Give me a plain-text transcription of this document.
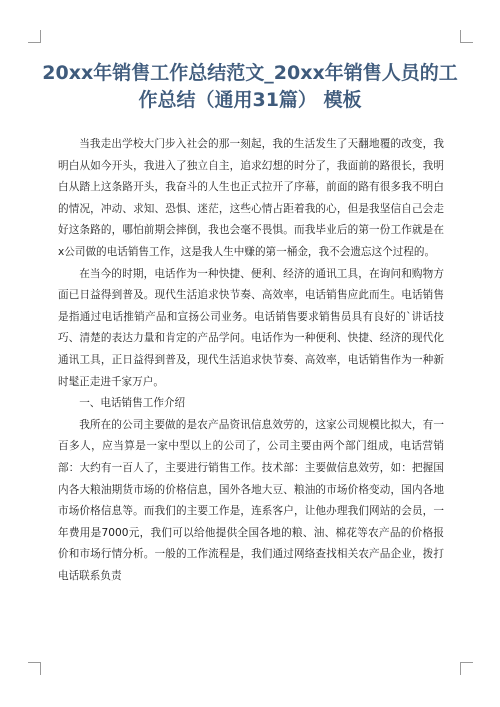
20xx年销售工作总结范文_20xx年销售人员的工作总结（通用31篇） 模板

当我走出学校大门步入社会的那一刻起，我的生活发生了天翻地覆的改变，我明白从如今开头，我进入了独立自主，追求幻想的时分了，我面前的路很长，我明白从踏上这条路开头，我奋斗的人生也正式拉开了序幕，前面的路有很多我不明白的情况，冲动、求知、恐惧、迷茫，这些心情占距着我的心，但是我坚信自己会走好这条路的，哪怕前期会摔倒，我也会毫不畏惧。而我毕业后的第一份工作就是在x公司做的电话销售工作，这是我人生中赚的第一桶金，我不会遗忘这个过程的。

在当今的时期，电话作为一种快捷、便利、经济的通讯工具，在询问和购物方面已日益得到普及。现代生活追求快节奏、高效率，电话销售应此而生。电话销售是指通过电话推销产品和宣扬公司业务。电话销售要求销售员具有良好的`讲话技巧、清楚的表达力量和肯定的产品学问。电话作为一种便利、快捷、经济的现代化通讯工具，正日益得到普及，现代生活追求快节奏、高效率，电话销售作为一种新时髦正走进千家万户。

一、电话销售工作介绍

我所在的公司主要做的是农产品资讯信息效劳的，这家公司规模比拟大，有一百多人，应当算是一家中型以上的公司了，公司主要由两个部门组成，电话营销部：大约有一百人了，主要进行销售工作。技术部：主要做信息效劳，如：把握国内各大粮油期货市场的价格信息，国外各地大豆、粮油的市场价格变动，国内各地市场价格信息等。而我们的主要工作是，连系客户，让他办理我们网站的会员，一年费用是7000元，我们可以给他提供全国各地的粮、油、棉花等农产品的价格报价和市场行情分析。一般的工作流程是，我们通过网络查找相关农产品企业，拨打电话联系负责
